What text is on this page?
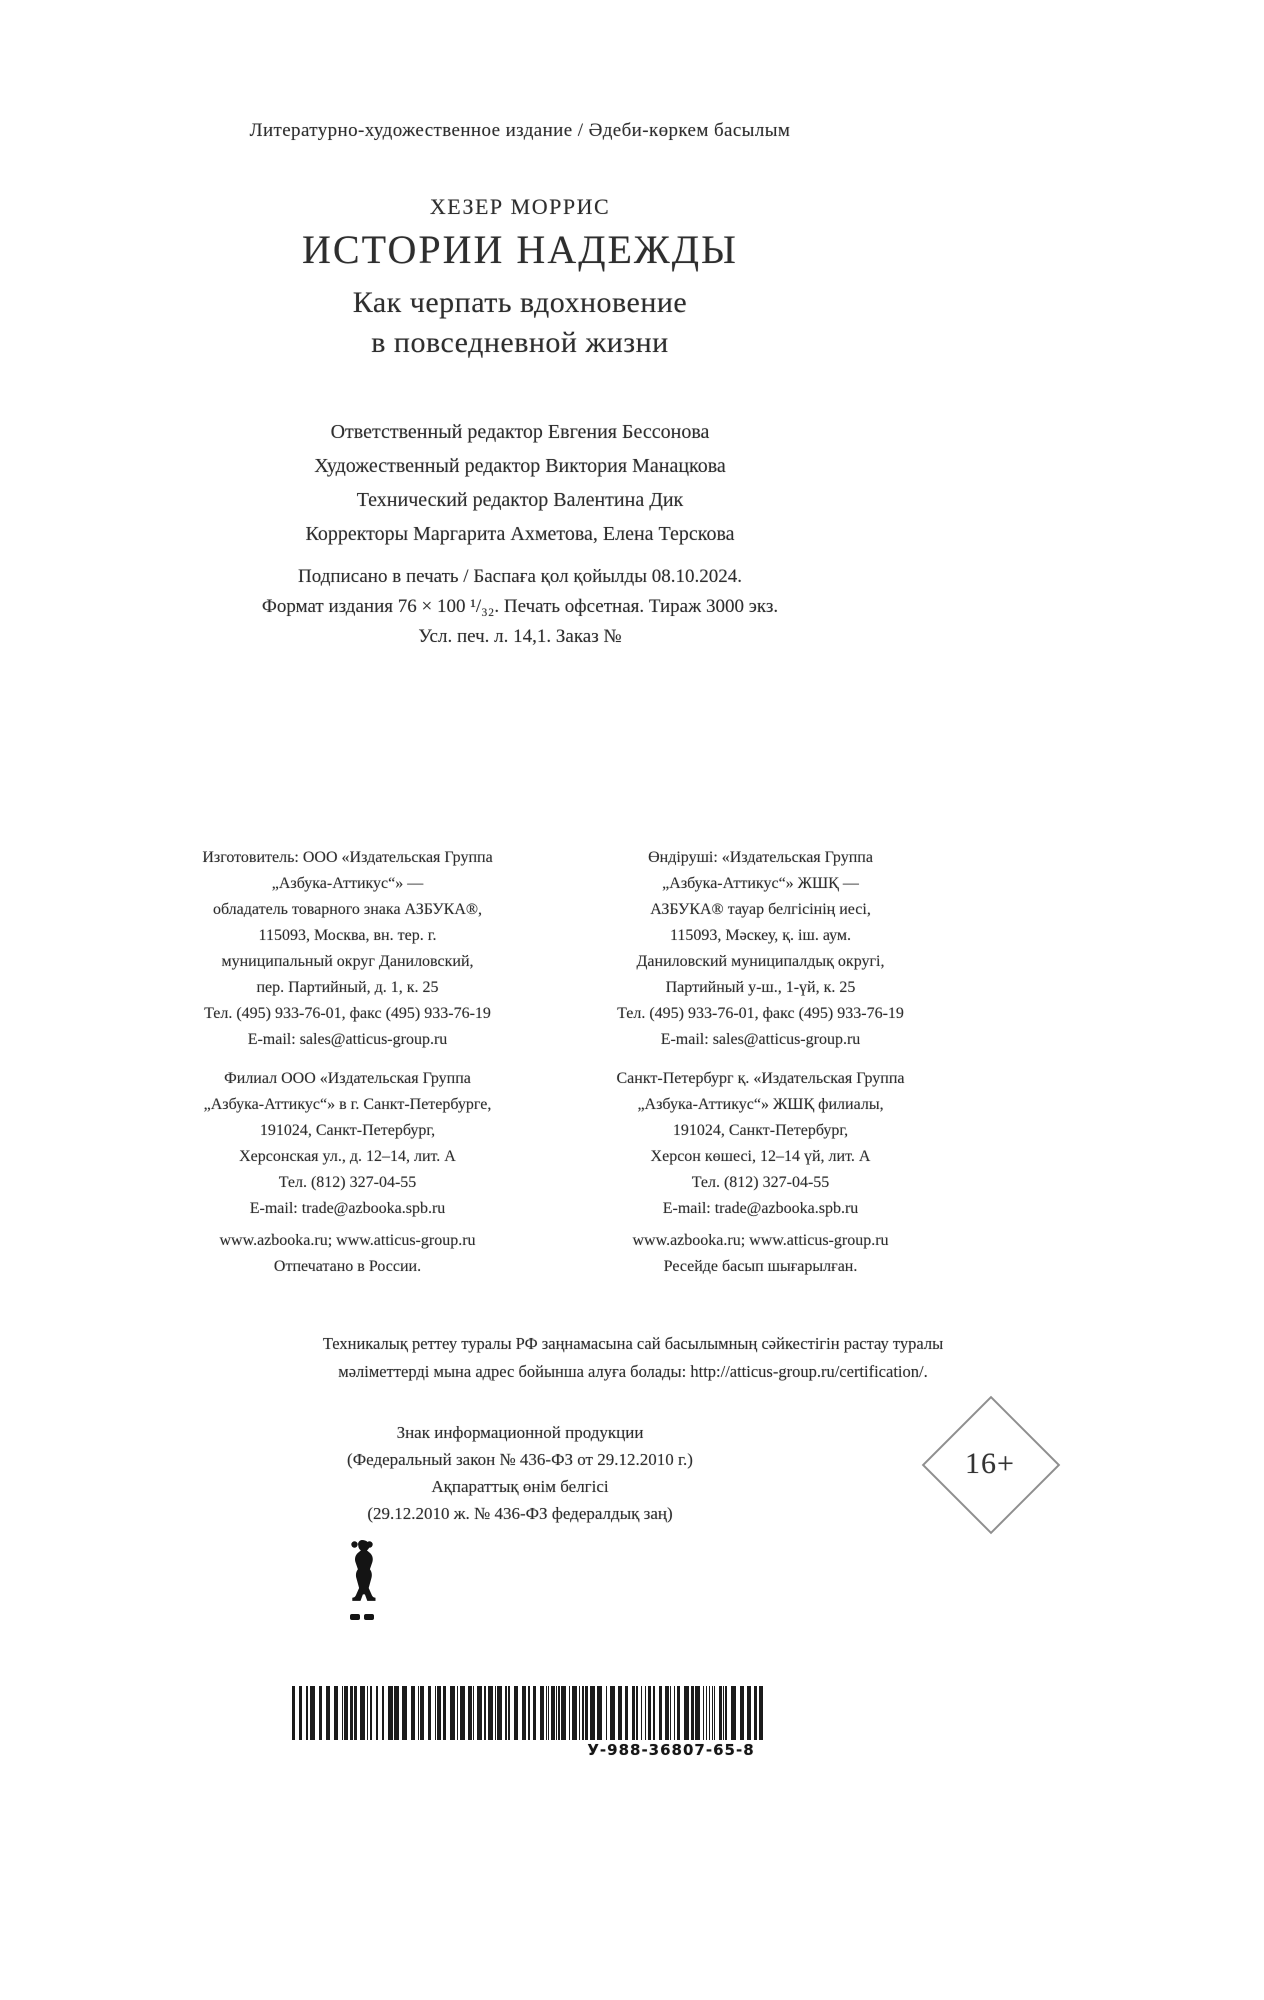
Литературно-художественное издание / Әдеби-көркем басылым
ХЕЗЕР МОРРИС
ИСТОРИИ НАДЕЖДЫ
Как черпать вдохновение
в повседневной жизни
Ответственный редактор Евгения Бессонова
Художественный редактор Виктория Манацкова
Технический редактор Валентина Дик
Корректоры Маргарита Ахметова, Елена Терскова
Подписано в печать / Баспаға қол қойылды 08.10.2024.
Формат издания 76 × 100 ¹/₃₂. Печать офсетная. Тираж 3000 экз.
Усл. печ. л. 14,1. Заказ №
Изготовитель: ООО «Издательская Группа
„Азбука-Аттикус“» —
обладатель товарного знака АЗБУКА®,
115093, Москва, вн. тер. г.
муниципальный округ Даниловский,
пер. Партийный, д. 1, к. 25
Тел. (495) 933-76-01, факс (495) 933-76-19
E-mail: sales@atticus-group.ru
Өндіруші: «Издательская Группа
„Азбука-Аттикус“» ЖШҚ —
АЗБУКА® тауар белгісінің иесі,
115093, Мәскеу, қ. іш. аум.
Даниловский муниципалдық округі,
Партийный у-ш., 1-үй, к. 25
Тел. (495) 933-76-01, факс (495) 933-76-19
E-mail: sales@atticus-group.ru
Филиал ООО «Издательская Группа
„Азбука-Аттикус“» в г. Санкт-Петербурге,
191024, Санкт-Петербург,
Херсонская ул., д. 12–14, лит. А
Тел. (812) 327-04-55
E-mail: trade@azbooka.spb.ru
Санкт-Петербург қ. «Издательская Группа
„Азбука-Аттикус“» ЖШҚ филиалы,
191024, Санкт-Петербург,
Херсон көшесі, 12–14 үй, лит. А
Тел. (812) 327-04-55
E-mail: trade@azbooka.spb.ru
www.azbooka.ru; www.atticus-group.ru
Отпечатано в России.
www.azbooka.ru; www.atticus-group.ru
Ресейде басып шығарылған.
Техникалық реттеу туралы РФ заңнамасына сай басылымның сәйкестігін растау туралы
мәліметтерді мына адрес бойынша алуға болады: http://atticus-group.ru/certification/.
Знак информационной продукции
(Федеральный закон № 436-ФЗ от 29.12.2010 г.)
Ақпараттық өнім белгісі
(29.12.2010 ж. № 436-ФЗ федералдық заң)
16+
У-988-36807-65-8
